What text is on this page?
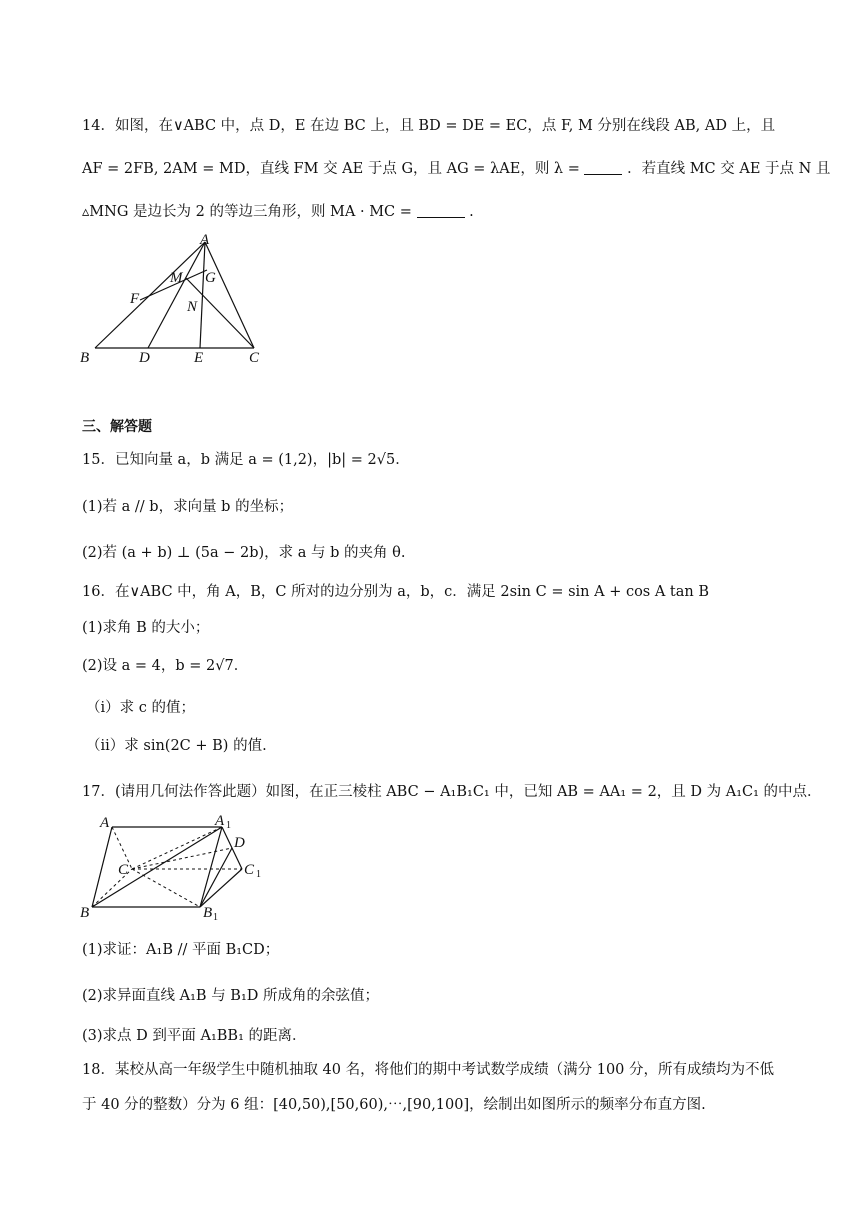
14．如图，在∨ABC 中，点 D，E 在边 BC 上，且 BD = DE = EC，点 F, M 分别在线段 AB, AD 上，且
AF = 2FB, 2AM = MD，直线 FM 交 AE 于点 G，且 AG = λAE，则 λ =	．若直线 MC 交 AE 于点 N 且
▵MNG 是边长为 2 的等边三角形，则 MA · MC =	.
A
M G
F	N
B	D	E	C
三、解答题
15．已知向量 a，b 满足 a = (1,2)，|b| = 2√5．
(1)若 a // b，求向量 b 的坐标；
(2)若 (a + b) ⊥ (5a − 2b)，求 a 与 b 的夹角 θ.
16．在∨ABC 中，角 A，B，C 所对的边分别为 a，b，c．满足 2sin C = sin A + cos A tan B
(1)求角 B 的大小；
(2)设 a = 4，b = 2√7．
（i）求 c 的值；
（ii）求 sin(2C + B) 的值.
17．(请用几何法作答此题）如图，在正三棱柱 ABC − A₁B₁C₁ 中，已知 AB = AA₁ = 2，且 D 为 A₁C₁ 的中点．
A	A 1
D
C	C 1
B	B 1
(1)求证：A₁B // 平面 B₁CD；
(2)求异面直线 A₁B 与 B₁D 所成角的余弦值；
(3)求点 D 到平面 A₁BB₁ 的距离．
18．某校从高一年级学生中随机抽取 40 名，将他们的期中考试数学成绩（满分 100 分，所有成绩均为不低
于 40 分的整数）分为 6 组：[40,50),[50,60),⋯,[90,100]，绘制出如图所示的频率分布直方图.
